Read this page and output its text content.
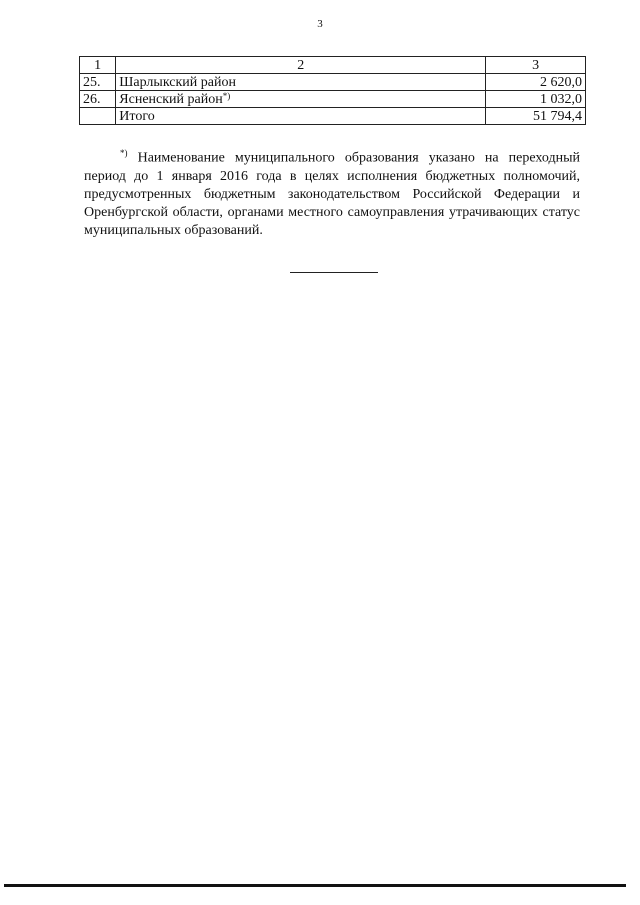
3
1	2	3
25.	Шарлыкский район	2 620,0
26.	Ясненский район*)	1 032,0
	Итого	51 794,4
*) Наименование муниципального образования указано на переходный период до 1 января 2016 года в целях исполнения бюджетных полномочий, предусмотренных бюджетным законодательством Российской Федерации и Оренбургской области, органами местного самоуправления утрачивающих статус муниципальных образований.
